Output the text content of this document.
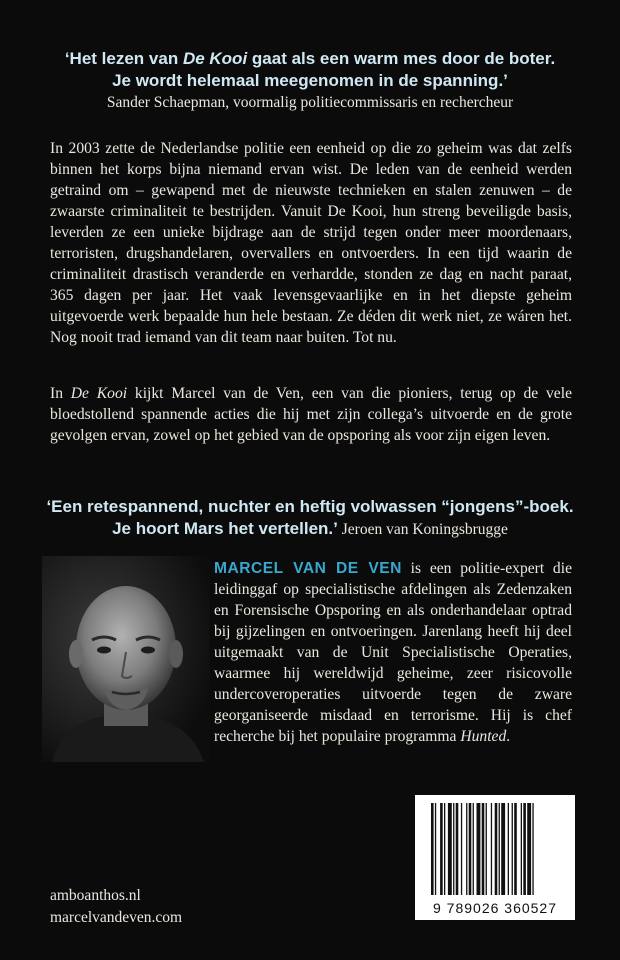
‘Het lezen van De Kooi gaat als een warm mes door de boter.
Je wordt helemaal meegenomen in de spanning.’
Sander Schaepman, voormalig politiecommissaris en rechercheur

In 2003 zette de Nederlandse politie een eenheid op die zo geheim was dat zelfs binnen het korps bijna niemand ervan wist. De leden van de eenheid werden getraind om – gewapend met de nieuwste technieken en stalen zenuwen – de zwaarste criminaliteit te bestrijden. Vanuit De Kooi, hun streng beveiligde basis, leverden ze een unieke bijdrage aan de strijd tegen onder meer moordenaars, terroristen, drugshandelaren, overvallers en ontvoerders. In een tijd waarin de criminaliteit drastisch veranderde en verhardde, stonden ze dag en nacht paraat, 365 dagen per jaar. Het vaak levensgevaarlijke en in het diepste geheim uitgevoerde werk bepaalde hun hele bestaan. Ze déden dit werk niet, ze wáren het. Nog nooit trad iemand van dit team naar buiten. Tot nu.

In De Kooi kijkt Marcel van de Ven, een van die pioniers, terug op de vele bloedstollend spannende acties die hij met zijn collega’s uitvoerde en de grote gevolgen ervan, zowel op het gebied van de opsporing als voor zijn eigen leven.

‘Een retespannend, nuchter en heftig volwassen “jongens”-boek.
Je hoort Mars het vertellen.’ Jeroen van Koningsbrugge
MARCEL VAN DE VEN is een politie-expert die leidinggaf op specialistische afdelingen als Zedenzaken en Forensische Opsporing en als onderhandelaar optrad bij gijzelingen en ontvoeringen. Jarenlang heeft hij deel uitgemaakt van de Unit Specialistische Operaties, waarmee hij wereldwijd geheime, zeer risicovolle undercoveroperaties uitvoerde tegen de zware georganiseerde misdaad en terrorisme. Hij is chef recherche bij het populaire programma Hunted.
9 789026 360527
amboanthos.nl
marcelvandeven.com
